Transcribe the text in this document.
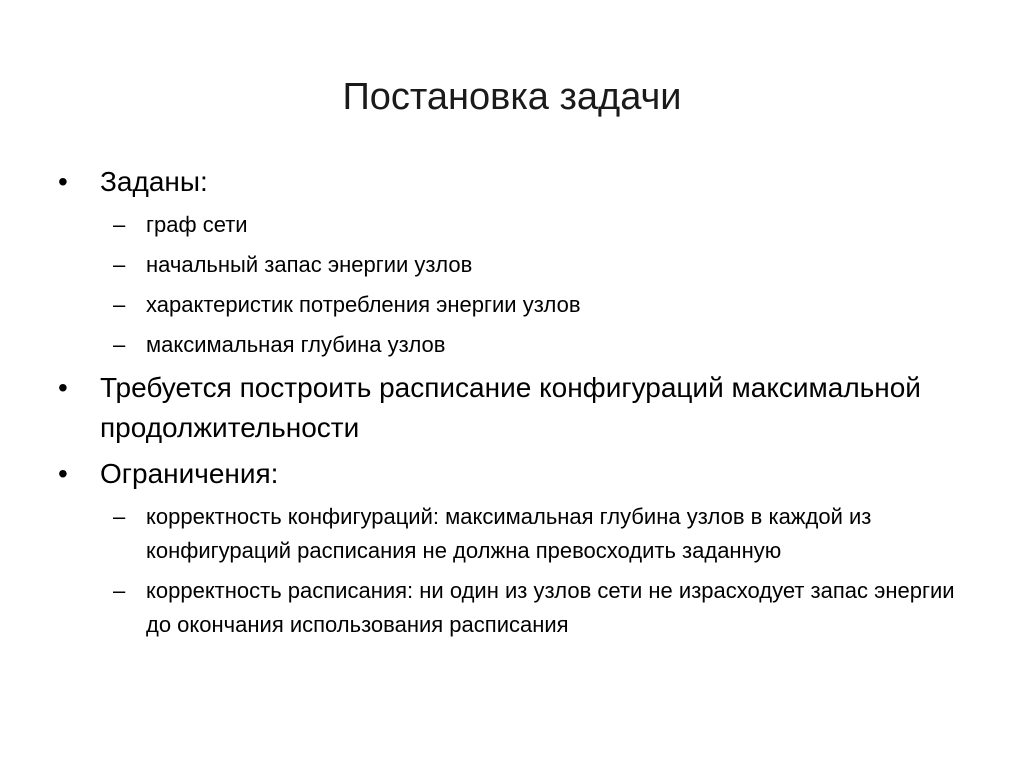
Постановка задачи
•	Заданы:
– граф сети
– начальный запас энергии узлов
– характеристик потребления энергии узлов
– максимальная глубина узлов
•	Требуется построить расписание конфигураций максимальной продолжительности
•	Ограничения:
– корректность конфигураций: максимальная глубина узлов в каждой из конфигураций расписания не должна превосходить заданную
– корректность расписания: ни один из узлов сети не израсходует запас энергии до окончания использования расписания
